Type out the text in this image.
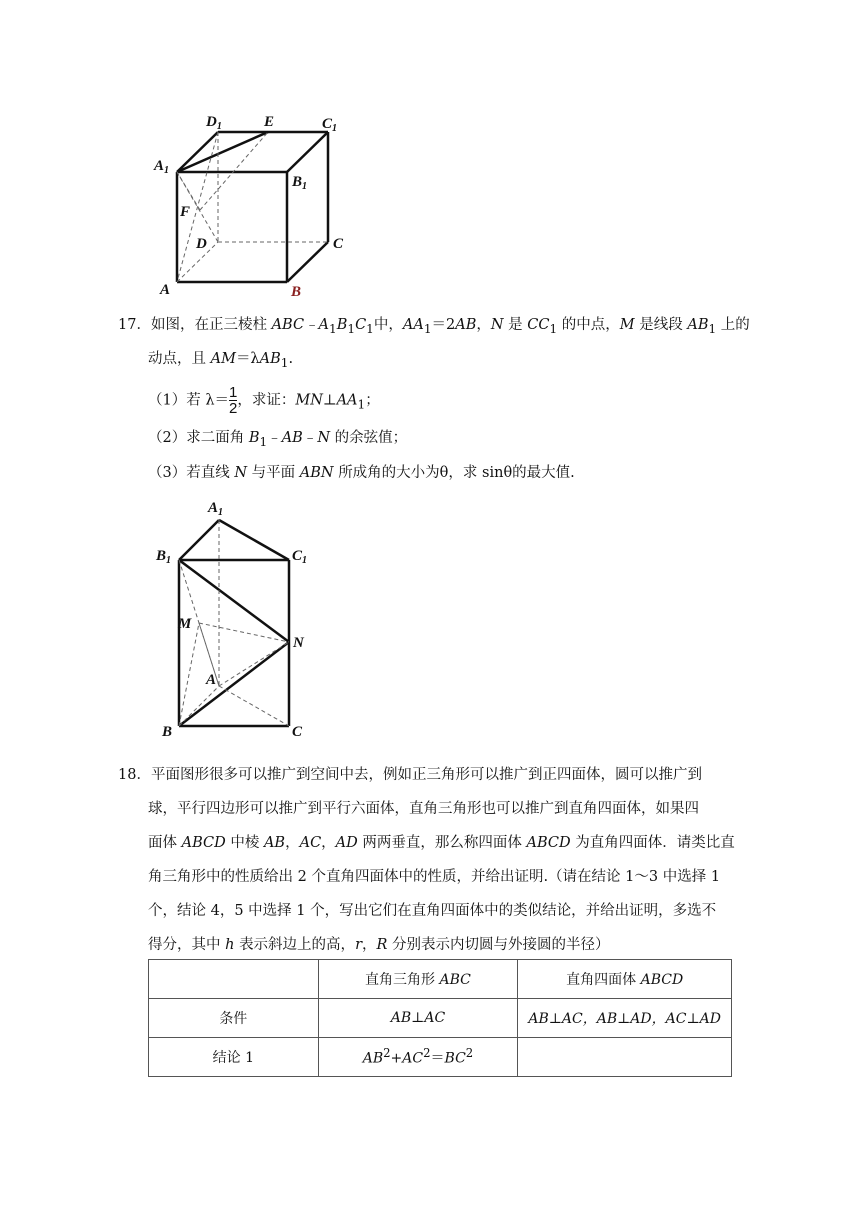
$D_1$	E	$C_1$
$A_1$
$B_1$
F
D	C
A	B
17．如图，在正三棱柱 $ABC﹣A_1B_1C_1$中，$AA_1=2AB$，N 是 $CC_1$ 的中点，M 是线段 $AB_1$ 上的
动点，且 AM＝λAB$_1$.
（1）若 $\lambda= \frac{1}{2}$ ，求证：$MN\perp AA_1$；
（2）求二面角 $B_1﹣AB﹣N$ 的余弦值；
（3）若直线 N 与平面 ABN 所成角的大小为θ，求 sinθ的最大值.
$A_1$
$B_1$	$C_1$
M
N
A
B	C
18．平面图形很多可以推广到空间中去，例如正三角形可以推广到正四面体，圆可以推广到
球，平行四边形可以推广到平行六面体，直角三角形也可以推广到直角四面体，如果四
面体 ABCD 中棱 AB，AC，AD 两两垂直，那么称四面体 ABCD 为直角四面体．请类比直
角三角形中的性质给出 2 个直角四面体中的性质，并给出证明.（请在结论 1～3 中选择 1
个，结论 4，5 中选择 1 个，写出它们在直角四面体中的类似结论，并给出证明，多选不
得分，其中 h 表示斜边上的高，r，R 分别表示内切圆与外接圆的半径）
	直角三角形 ABC	直角四面体 ABCD
条件	AB⊥AC	AB⊥AC，AB⊥AD，AC⊥AD
结论 1	$AB^2+AC^2=BC^2$	
